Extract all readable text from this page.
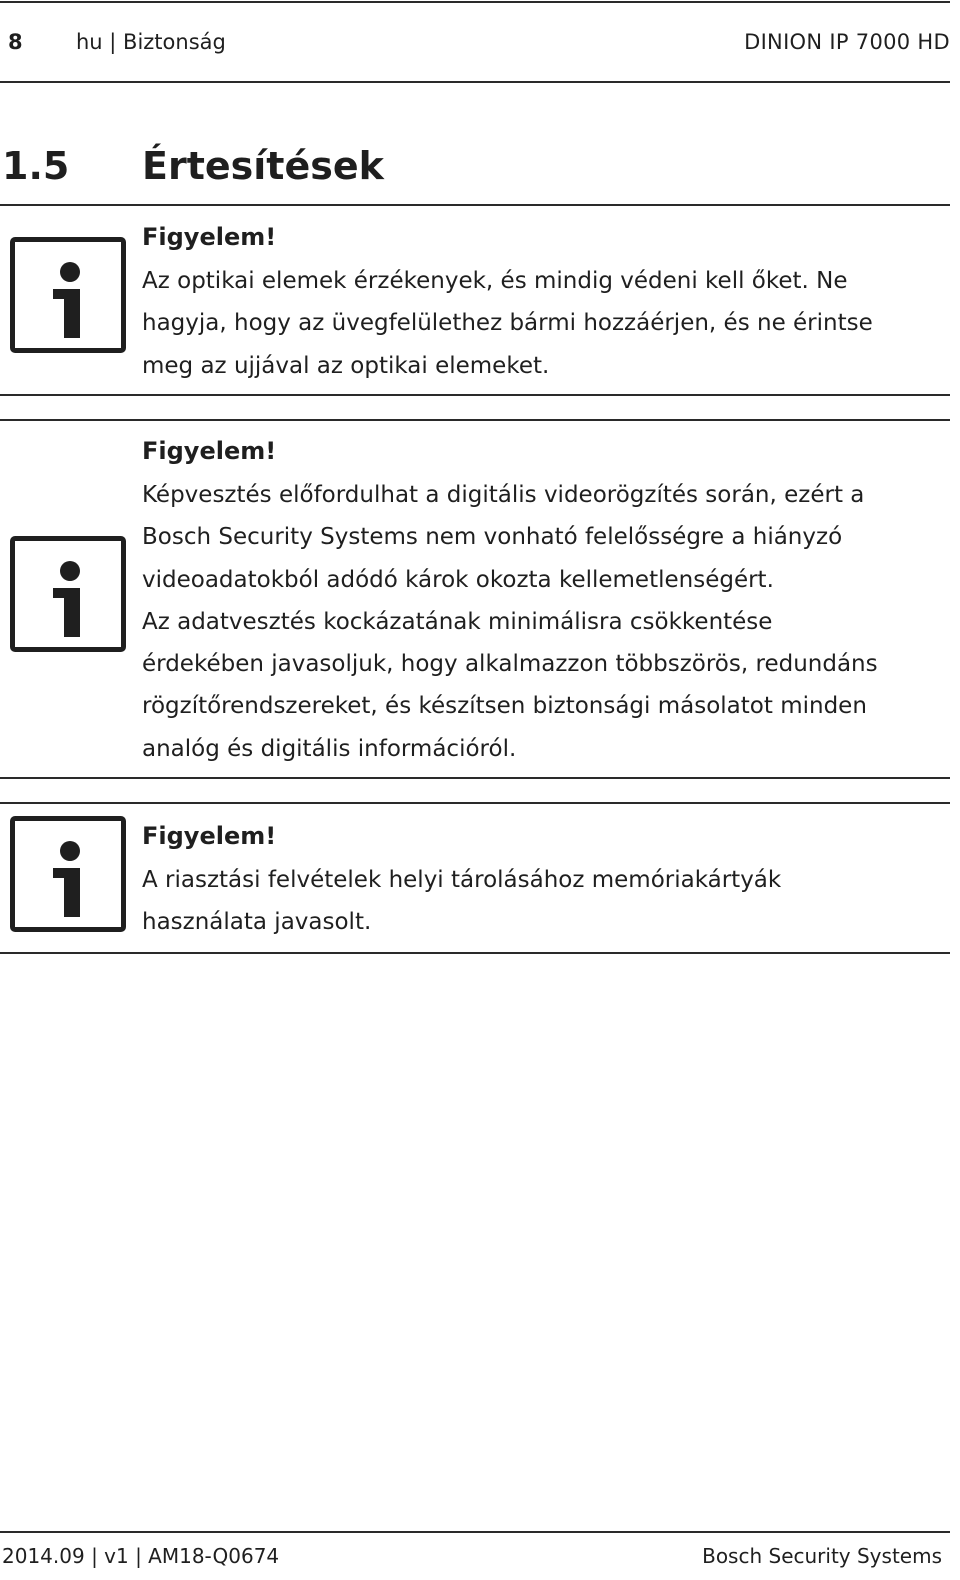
8	hu | Biztonság	DINION IP 7000 HD
1.5 Értesítések
Figyelem!
Az optikai elemek érzékenyek, és mindig védeni kell őket. Ne
hagyja, hogy az üvegfelülethez bármi hozzáérjen, és ne érintse
meg az ujjával az optikai elemeket.
Figyelem!
Képvesztés előfordulhat a digitális videorögzítés során, ezért a
Bosch Security Systems nem vonható felelősségre a hiányzó
videoadatokból adódó károk okozta kellemetlenségért.
Az adatvesztés kockázatának minimálisra csökkentése
érdekében javasoljuk, hogy alkalmazzon többszörös, redundáns
rögzítőrendszereket, és készítsen biztonsági másolatot minden
analóg és digitális információról.
Figyelem!
A riasztási felvételek helyi tárolásához memóriakártyák
használata javasolt.
2014.09 | v1 | AM18-Q0674	Bosch Security Systems
